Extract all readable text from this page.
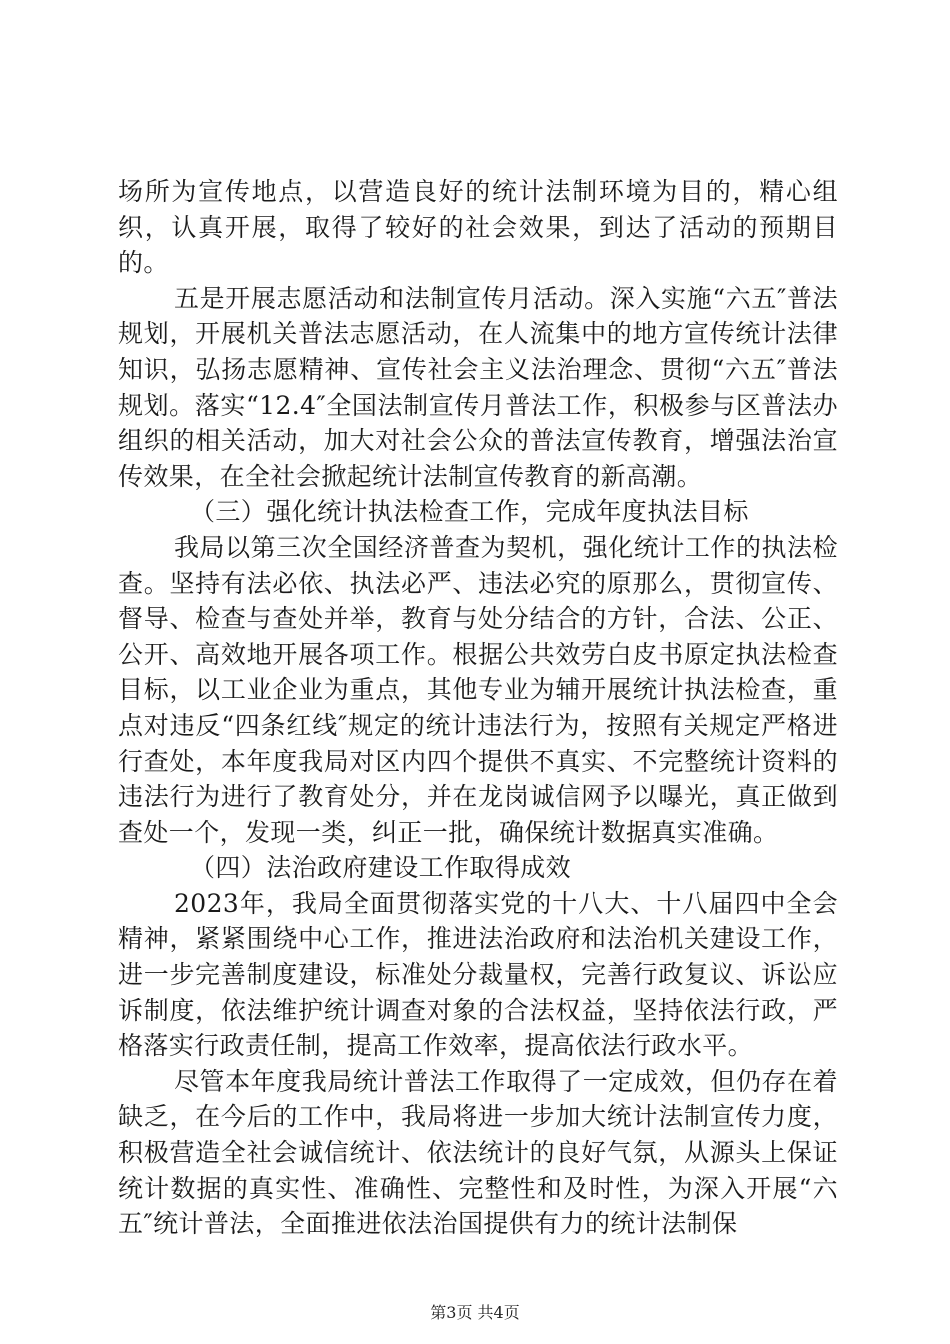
场所为宣传地点，以营造良好的统计法制环境为目的，精心组织，认真开展，取得了较好的社会效果，到达了活动的预期目的。

五是开展志愿活动和法制宣传月活动。深入实施“六五″普法规划，开展机关普法志愿活动，在人流集中的地方宣传统计法律知识，弘扬志愿精神、宣传社会主义法治理念、贯彻“六五″普法规划。落实“12.4″全国法制宣传月普法工作，积极参与区普法办组织的相关活动，加大对社会公众的普法宣传教育，增强法治宣传效果，在全社会掀起统计法制宣传教育的新高潮。

（三）强化统计执法检查工作，完成年度执法目标

我局以第三次全国经济普查为契机，强化统计工作的执法检查。坚持有法必依、执法必严、违法必究的原那么，贯彻宣传、督导、检查与查处并举，教育与处分结合的方针，合法、公正、公开、高效地开展各项工作。根据公共效劳白皮书原定执法检查目标，以工业企业为重点，其他专业为辅开展统计执法检查，重点对违反“四条红线″规定的统计违法行为，按照有关规定严格进行查处，本年度我局对区内四个提供不真实、不完整统计资料的违法行为进行了教育处分，并在龙岗诚信网予以曝光，真正做到查处一个，发现一类，纠正一批，确保统计数据真实准确。

（四）法治政府建设工作取得成效

2023年，我局全面贯彻落实党的十八大、十八届四中全会精神，紧紧围绕中心工作，推进法治政府和法治机关建设工作，进一步完善制度建设，标准处分裁量权，完善行政复议、诉讼应诉制度，依法维护统计调查对象的合法权益，坚持依法行政，严格落实行政责任制，提高工作效率，提高依法行政水平。

尽管本年度我局统计普法工作取得了一定成效，但仍存在着缺乏，在今后的工作中，我局将进一步加大统计法制宣传力度，积极营造全社会诚信统计、依法统计的良好气氛，从源头上保证统计数据的真实性、准确性、完整性和及时性，为深入开展“六五″统计普法，全面推进依法治国提供有力的统计法制保

第3页 共4页
